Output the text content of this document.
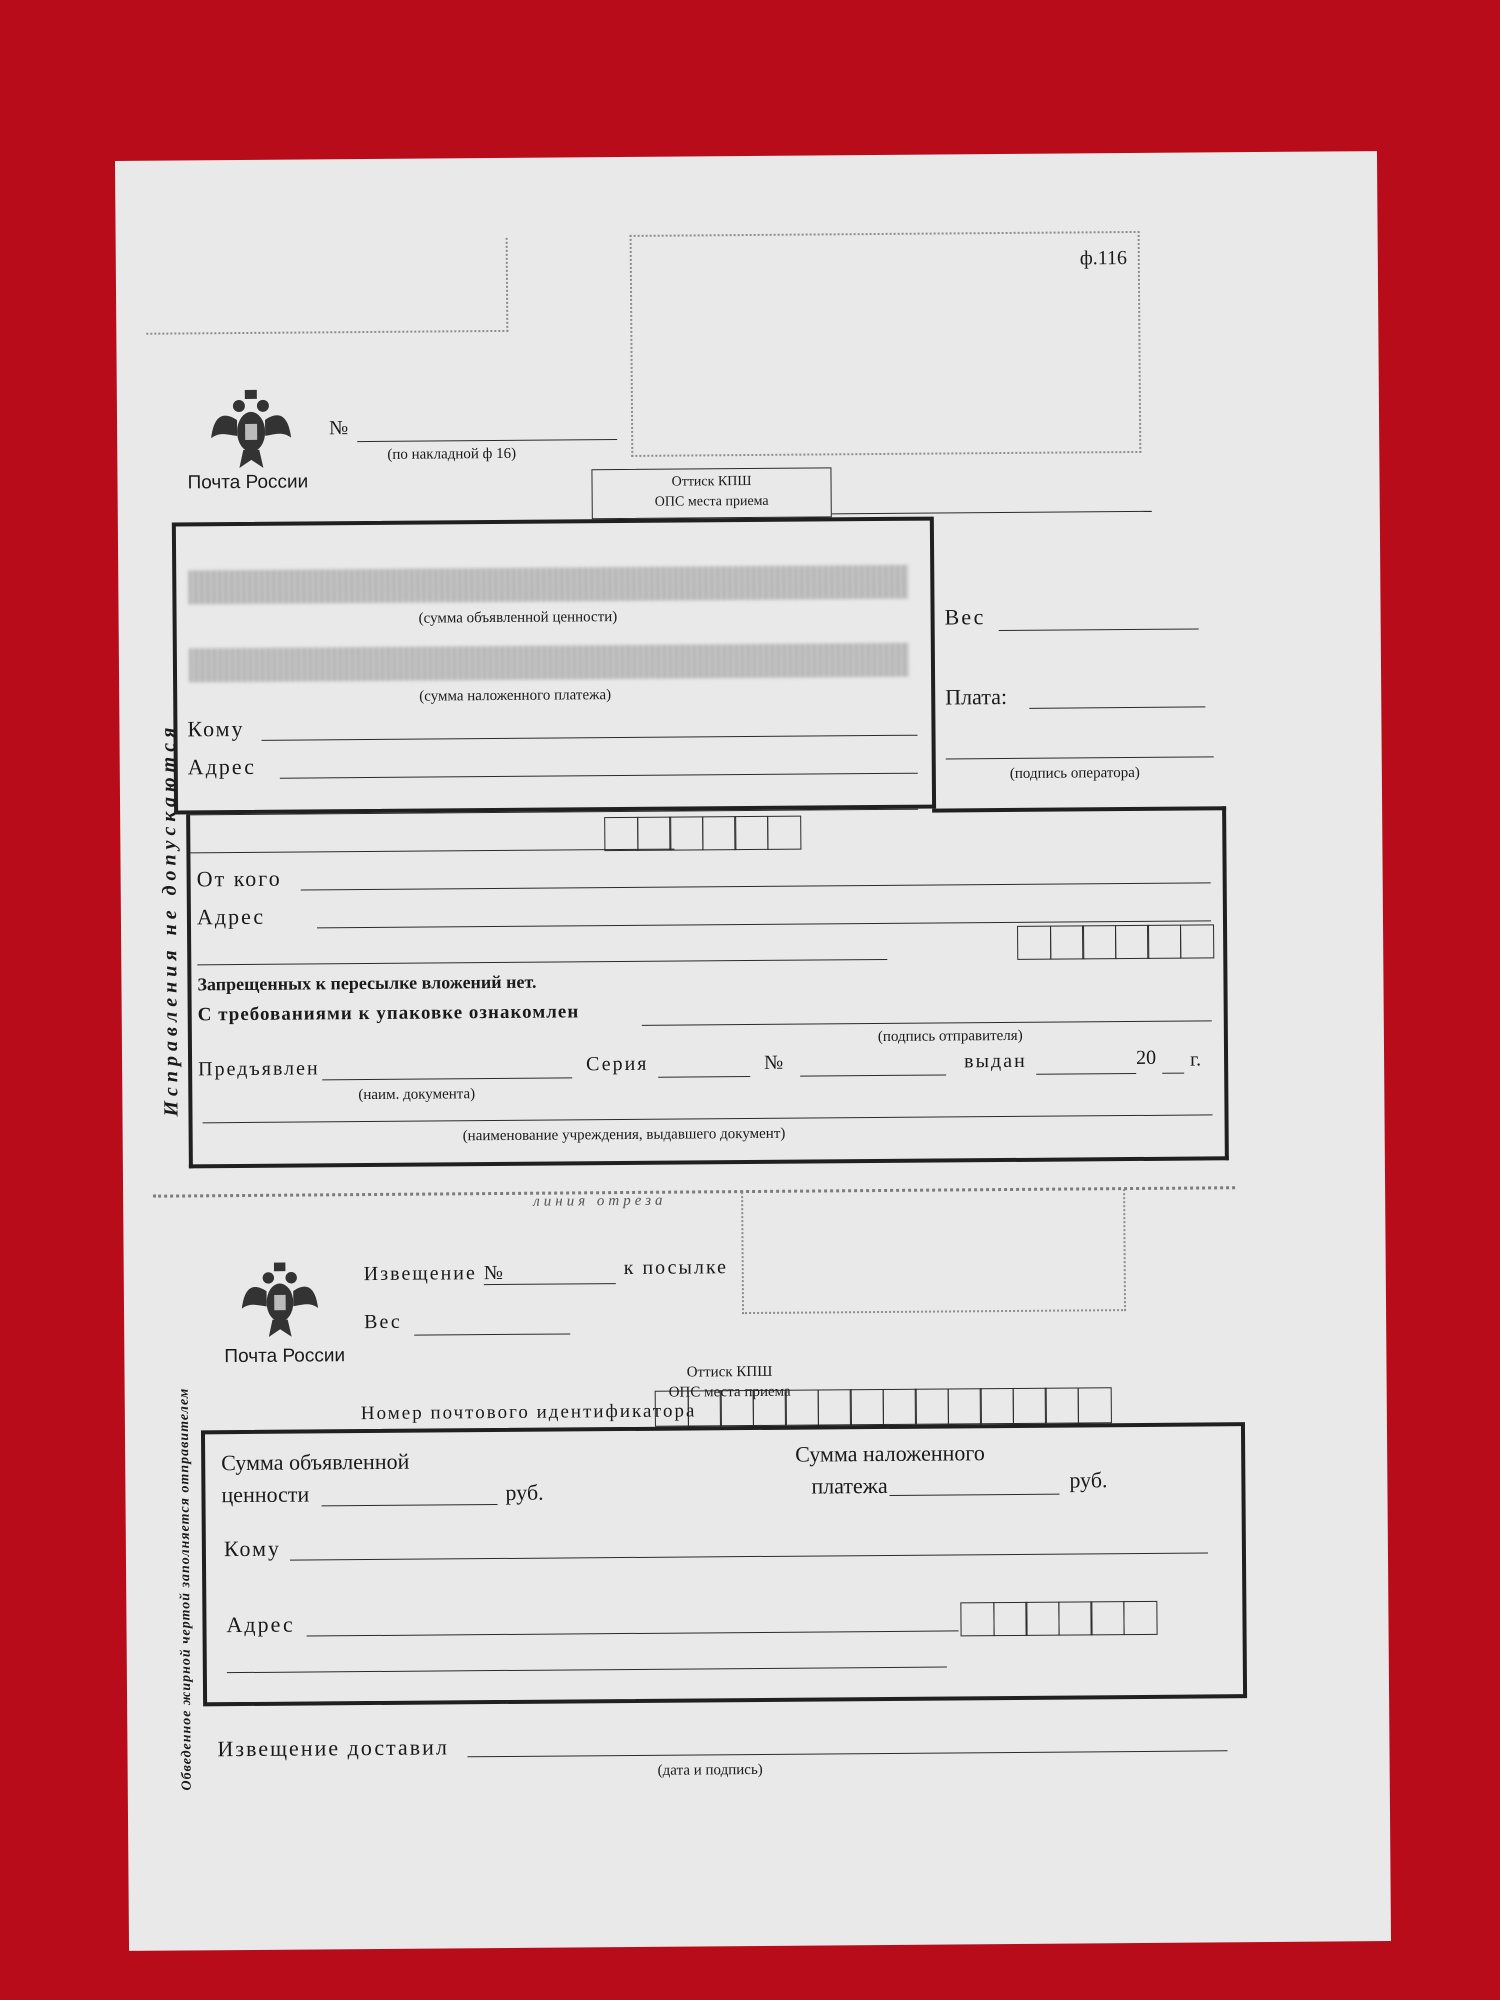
ф.116
Почта России
№
(по накладной ф 16)
Оттиск КПШ
ОПС места приема
(сумма объявленной ценности)
(сумма наложенного платежа)
Кому
Адрес
Вес
Плата:
(подпись оператора)
От кого
Адрес
Запрещенных к пересылке вложений нет.
С требованиями к упаковке ознакомлен
(подпись отправителя)
Предъявлен
(наим. документа)
Серия	№	выдан	20 г.
(наименование учреждения, выдавшего документ)
Исправления не допускаются
линия отреза
Почта России
Извещение №	к посылке
Вес
Оттиск КПШ
ОПС места приема
Номер почтового идентификатора
Сумма объявленной
ценности	руб.
Сумма наложенного
платежа	руб.
Кому
Адрес
Извещение доставил
(дата и подпись)
Обведенное жирной чертой заполняется отправителем
